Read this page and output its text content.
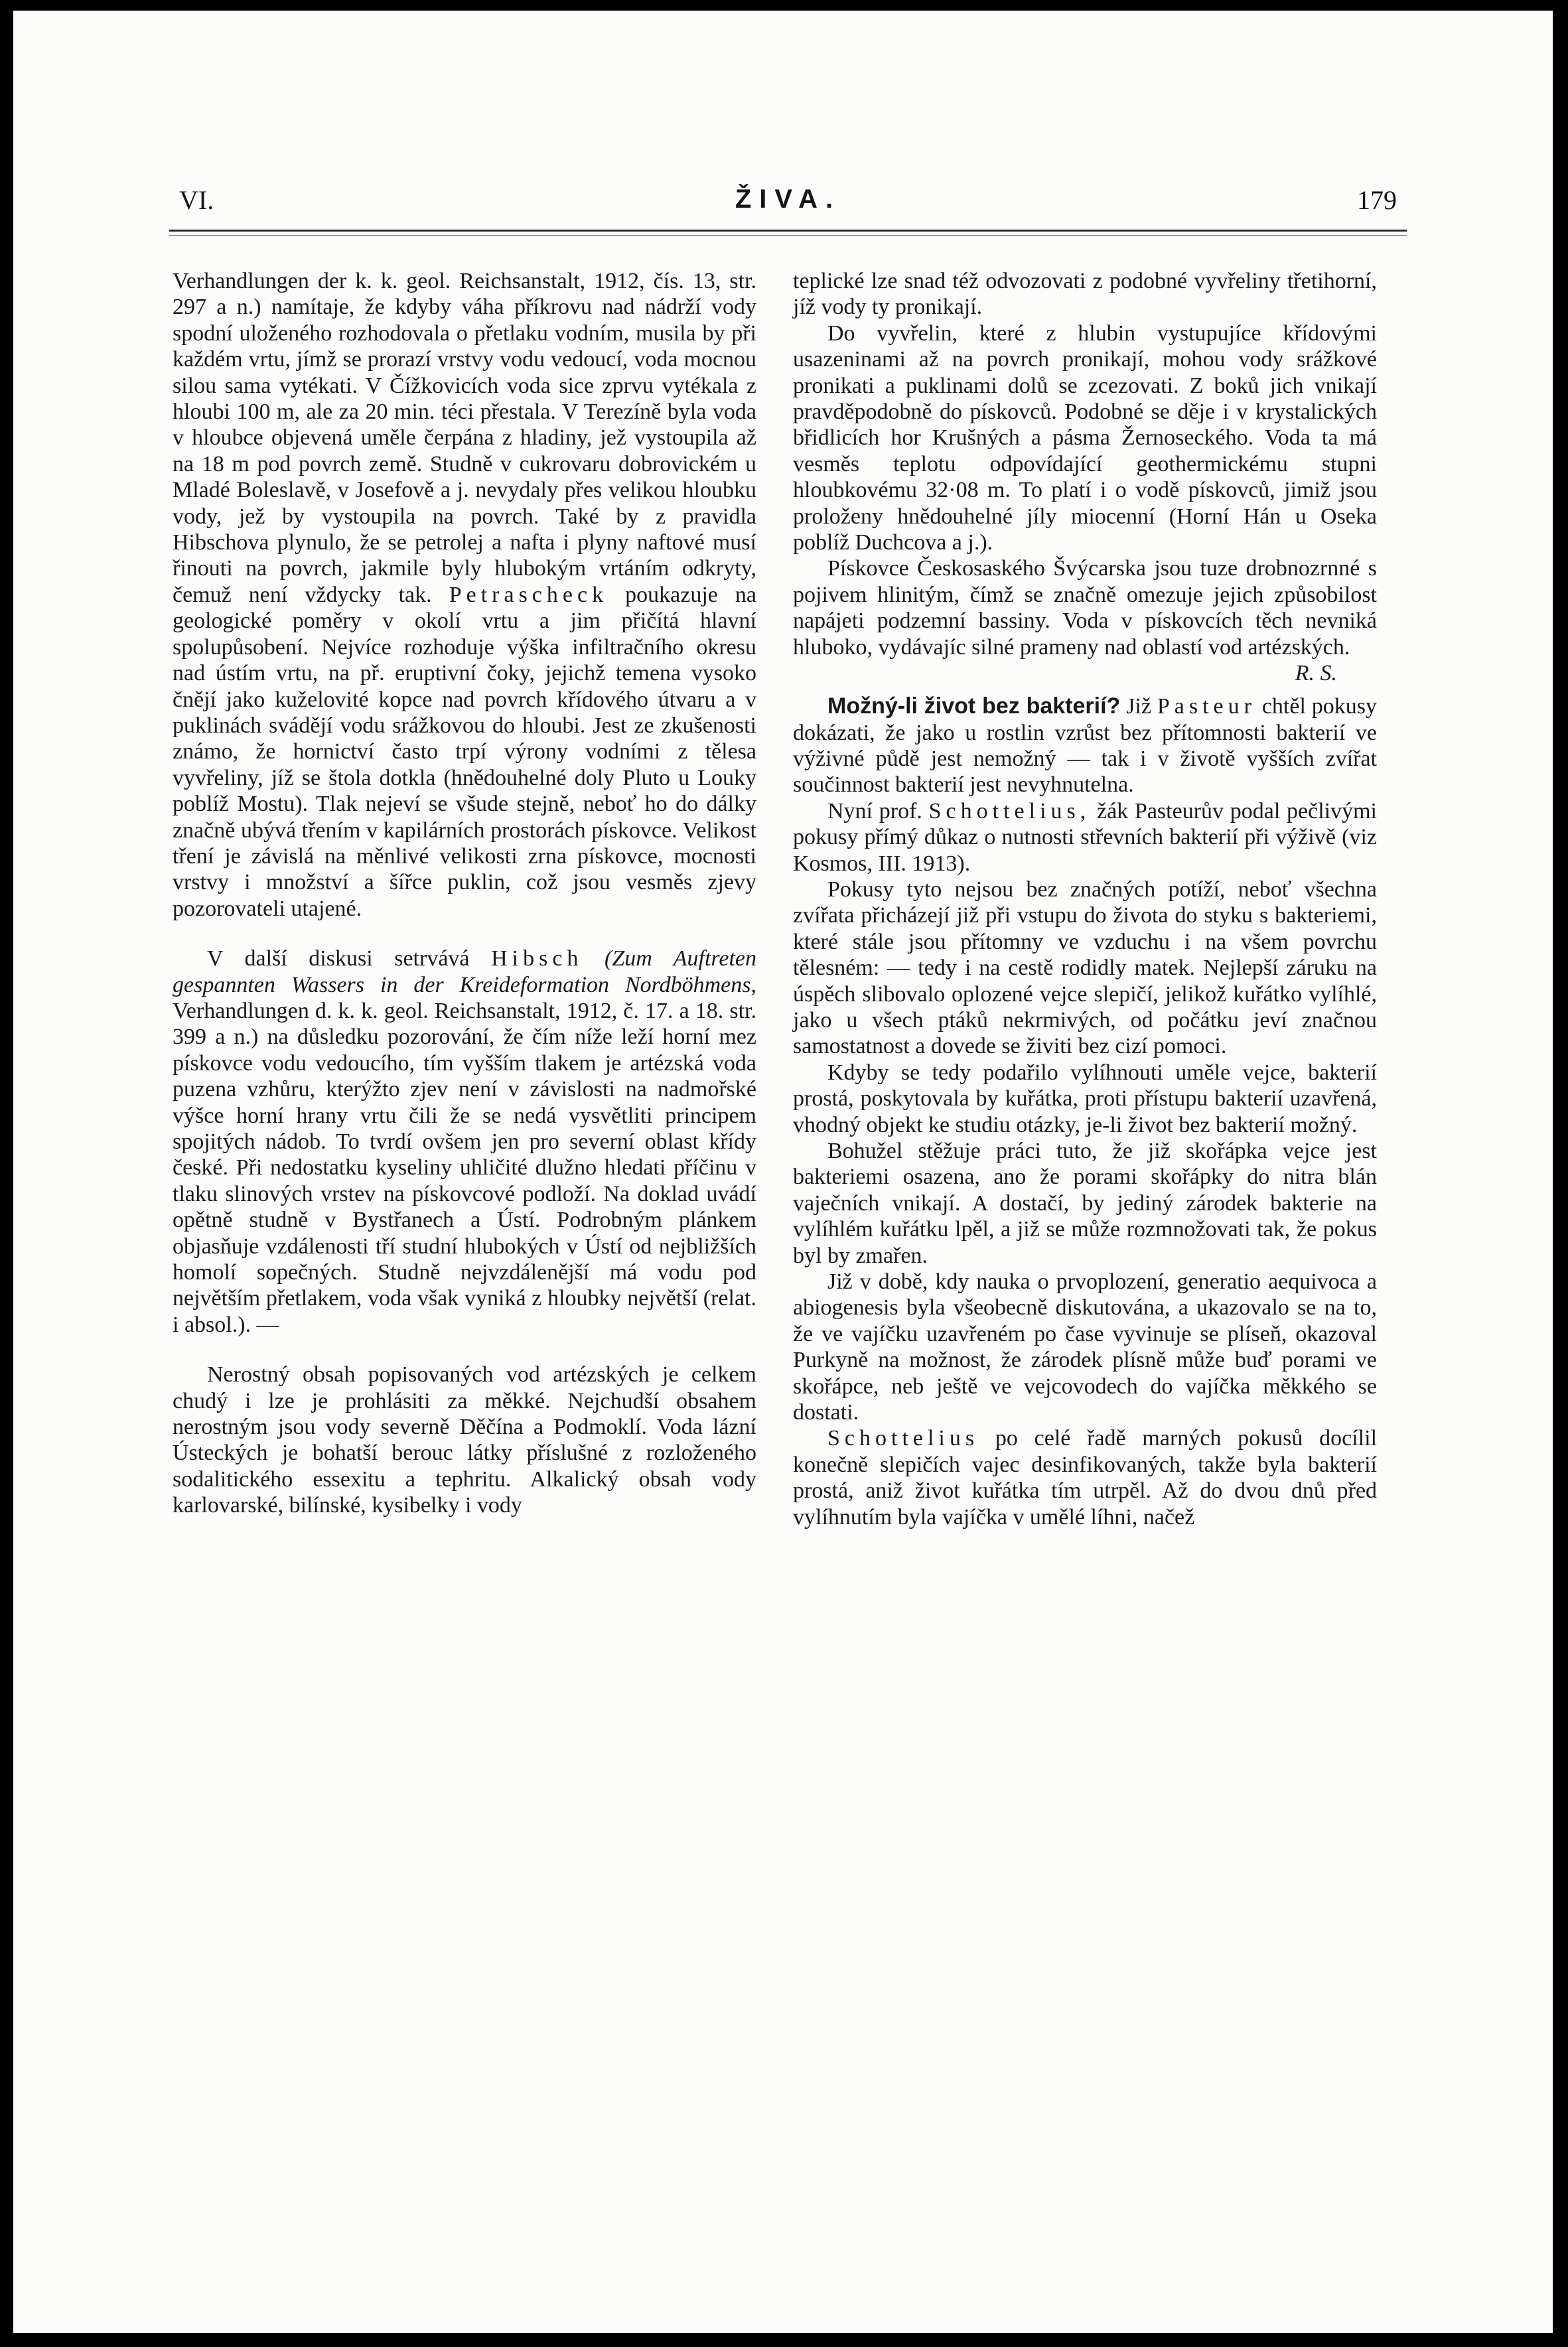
VI.	ŽIVA.	179

Verhandlungen der k. k. geol. Reichsanstalt, 1912, čís. 13, str. 297 a n.) namítaje, že kdyby váha příkrovu nad nádrží vody spodní uloženého rozhodovala o přetlaku vodním, musila by při každém vrtu, jímž se prorazí vrstvy vodu vedoucí, voda mocnou silou sama vytékati. V Čížkovicích voda sice zprvu vytékala z hloubi 100 m, ale za 20 min. téci přestala. V Terezíně byla voda v hloubce objevená uměle čerpána z hladiny, jež vystoupila až na 18 m pod povrch země. Studně v cukrovaru dobrovickém u Mladé Boleslavě, v Josefově a j. nevydaly přes velikou hloubku vody, jež by vystoupila na povrch. Také by z pravidla Hibschova plynulo, že se petrolej a nafta i plyny naftové musí řinouti na povrch, jakmile byly hlubokým vrtáním odkryty, čemuž není vždycky tak. Petrascheck poukazuje na geologické poměry v okolí vrtu a jim přičítá hlavní spolupůsobení. Nejvíce rozhoduje výška infiltračního okresu nad ústím vrtu, na př. eruptivní čoky, jejichž temena vysoko čnějí jako kuželovité kopce nad povrch křídového útvaru a v puklinách svádějí vodu srážkovou do hloubi. Jest ze zkušenosti známo, že hornictví často trpí výrony vodními z tělesa vyvřeliny, jíž se štola dotkla (hnědouhelné doly Pluto u Louky poblíž Mostu). Tlak nejeví se všude stejně, neboť ho do dálky značně ubývá třením v kapilárních prostorách pískovce. Velikost tření je závislá na měnlivé velikosti zrna pískovce, mocnosti vrstvy i množství a šířce puklin, což jsou vesměs zjevy pozorovateli utajené.

V další diskusi setrvává Hibsch (Zum Auftreten gespannten Wassers in der Kreideformation Nordböhmens, Verhandlungen d. k. k. geol. Reichsanstalt, 1912, č. 17. a 18. str. 399 a n.) na důsledku pozorování, že čím níže leží horní mez pískovce vodu vedoucího, tím vyšším tlakem je artézská voda puzena vzhůru, kterýžto zjev není v závislosti na nadmořské výšce horní hrany vrtu čili že se nedá vysvětliti principem spojitých nádob. To tvrdí ovšem jen pro severní oblast křídy české. Při nedostatku kyseliny uhličité dlužno hledati příčinu v tlaku slinových vrstev na pískovcové podloží. Na doklad uvádí opětně studně v Bystřanech a Ústí. Podrobným plánkem objasňuje vzdálenosti tří studní hlubokých v Ústí od nejbližších homolí sopečných. Studně nejvzdálenější má vodu pod největším přetlakem, voda však vyniká z hloubky největší (relat. i absol.). —

Nerostný obsah popisovaných vod artézských je celkem chudý i lze je prohlásiti za měkké. Nejchudší obsahem nerostným jsou vody severně Děčína a Podmoklí. Voda lázní Ústeckých je bohatší berouc látky příslušné z rozloženého sodalitického essexitu a tephritu. Alkalický obsah vody karlovarské, bilínské, kysibelky i vody

teplické lze snad též odvozovati z podobné vyvřeliny třetihorní, jíž vody ty pronikají.

Do vyvřelin, které z hlubin vystupujíce křídovými usazeninami až na povrch pronikají, mohou vody srážkové pronikati a puklinami dolů se zcezovati. Z boků jich vnikají pravděpodobně do pískovců. Podobné se děje i v krystalických břidlicích hor Krušných a pásma Žernoseckého. Voda ta má vesměs teplotu odpovídající geothermickému stupni hloubkovému 32·08 m. To platí i o vodě pískovců, jimiž jsou proloženy hnědouhelné jíly miocenní (Horní Hán u Oseka poblíž Duchcova a j.).

Pískovce Českosaského Švýcarska jsou tuze drobnozrnné s pojivem hlinitým, čímž se značně omezuje jejich způsobilost napájeti podzemní bassiny. Voda v pískovcích těch nevniká hluboko, vydávajíc silné prameny nad oblastí vod artézských.
R. S.

Možný-li život bez bakterií? Již Pasteur chtěl pokusy dokázati, že jako u rostlin vzrůst bez přítomnosti bakterií ve výživné půdě jest nemožný — tak i v životě vyšších zvířat součinnost bakterií jest nevyhnutelna.

Nyní prof. Schottelius, žák Pasteurův podal pečlivými pokusy přímý důkaz o nutnosti střevních bakterií při výživě (viz Kosmos, III. 1913).

Pokusy tyto nejsou bez značných potíží, neboť všechna zvířata přicházejí již při vstupu do života do styku s bakteriemi, které stále jsou přítomny ve vzduchu i na všem povrchu tělesném: — tedy i na cestě rodidly matek. Nejlepší záruku na úspěch slibovalo oplozené vejce slepičí, jelikož kuřátko vylíhlé, jako u všech ptáků nekrmivých, od počátku jeví značnou samostatnost a dovede se živiti bez cizí pomoci.

Kdyby se tedy podařilo vylíhnouti uměle vejce, bakterií prostá, poskytovala by kuřátka, proti přístupu bakterií uzavřená, vhodný objekt ke studiu otázky, je-li život bez bakterií možný.

Bohužel stěžuje práci tuto, že již skořápka vejce jest bakteriemi osazena, ano že porami skořápky do nitra blán vaječních vnikají. A dostačí, by jediný zárodek bakterie na vylíhlém kuřátku lpěl, a již se může rozmnožovati tak, že pokus byl by zmařen.

Již v době, kdy nauka o prvoplození, generatio aequivoca a abiogenesis byla všeobecně diskutována, a ukazovalo se na to, že ve vajíčku uzavřeném po čase vyvinuje se plíseň, okazoval Purkyně na možnost, že zárodek plísně může buď porami ve skořápce, neb ještě ve vejcovodech do vajíčka měkkého se dostati.

Schottelius po celé řadě marných pokusů docílil konečně slepičích vajec desinfikovaných, takže byla bakterií prostá, aniž život kuřátka tím utrpěl. Až do dvou dnů před vylíhnutím byla vajíčka v umělé líhni, načež
